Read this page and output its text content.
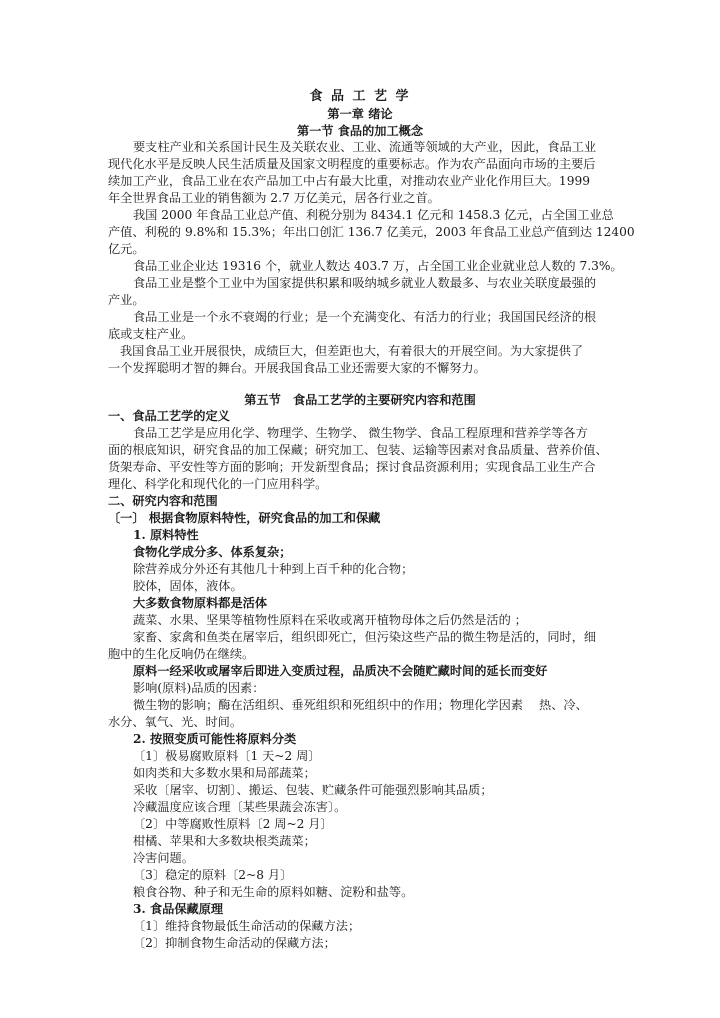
食 品 工 艺 学
第一章 绪论
第一节 食品的加工概念
要支柱产业和关系国计民生及关联农业、工业、流通等领域的大产业，因此，食品工业
现代化水平是反映人民生活质量及国家文明程度的重要标志。作为农产品面向市场的主要后
续加工产业，食品工业在农产品加工中占有最大比重，对推动农业产业化作用巨大。1999
年全世界食品工业的销售额为 2.7 万亿美元，居各行业之首。
我国 2000 年食品工业总产值、利税分别为 8434.1 亿元和 1458.3 亿元，占全国工业总
产值、利税的 9.8%和 15.3%；年出口创汇 136.7 亿美元，2003 年食品工业总产值到达 12400
亿元。
食品工业企业达 19316 个，就业人数达 403.7 万，占全国工业企业就业总人数的 7.3%。
食品工业是整个工业中为国家提供积累和吸纳城乡就业人数最多、与农业关联度最强的
产业。
食品工业是一个永不衰竭的行业；是一个充满变化、有活力的行业；我国国民经济的根
底或支柱产业。
我国食品工业开展很快，成绩巨大，但差距也大，有着很大的开展空间。为大家提供了
一个发挥聪明才智的舞台。开展我国食品工业还需要大家的不懈努力。
第五节　食品工艺学的主要研究内容和范围
一、食品工艺学的定义
食品工艺学是应用化学、物理学、生物学、 微生物学、食品工程原理和营养学等各方
面的根底知识，研究食品的加工保藏；研究加工、包装、运输等因素对食品质量、营养价值、
货架寿命、平安性等方面的影响；开发新型食品；探讨食品资源利用；实现食品工业生产合
理化、科学化和现代化的一门应用科学。
二、研究内容和范围
〔一〕 根据食物原料特性，研究食品的加工和保藏
1. 原料特性
食物化学成分多、体系复杂；
除营养成分外还有其他几十种到上百千种的化合物；
胶体，固体，液体。
大多数食物原料都是活体
蔬菜、水果、坚果等植物性原料在采收或离开植物母体之后仍然是活的 ；
家畜、家禽和鱼类在屠宰后，组织即死亡，但污染这些产品的微生物是活的，同时，细
胞中的生化反响仍在继续。
原料一经采收或屠宰后即进入变质过程，品质决不会随贮藏时间的延长而变好
影响(原料)品质的因素：
微生物的影响；酶在活组织、垂死组织和死组织中的作用；物理化学因素　 热、冷、
水分、氧气、光、时间。
2. 按照变质可能性将原料分类
〔1〕极易腐败原料〔1 天~2 周〕
如肉类和大多数水果和局部蔬菜；
采收〔屠宰、切割〕、搬运、包装、贮藏条件可能强烈影响其品质；
冷藏温度应该合理〔某些果蔬会冻害〕。
〔2〕中等腐败性原料〔2 周~2 月〕
柑橘、苹果和大多数块根类蔬菜；
冷害问题。
〔3〕稳定的原料〔2~8 月〕
粮食谷物、种子和无生命的原料如糖、淀粉和盐等。
3. 食品保藏原理
〔1〕维持食物最低生命活动的保藏方法；
〔2〕抑制食物生命活动的保藏方法；
